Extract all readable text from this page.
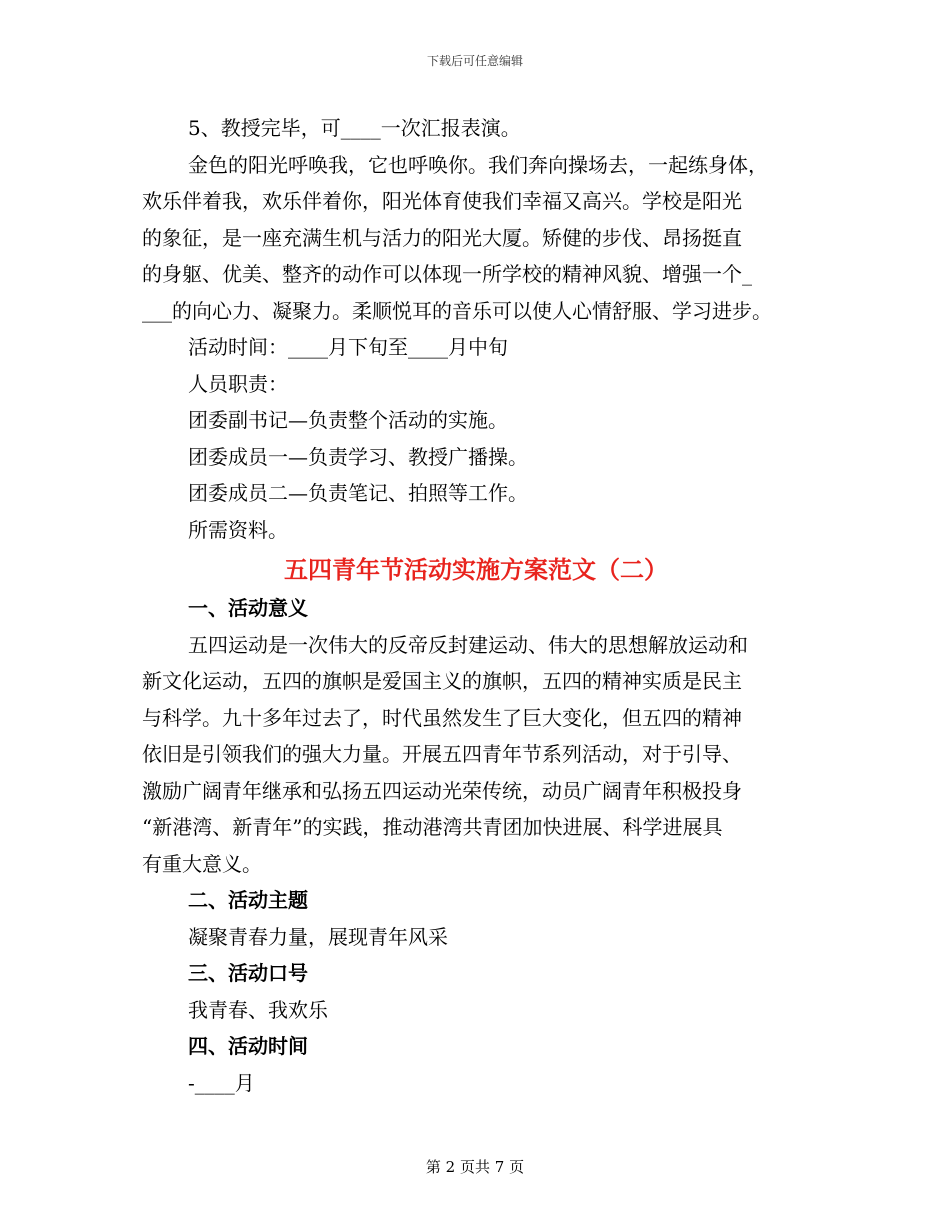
下载后可任意编辑
5、教授完毕，可____一次汇报表演。
金色的阳光呼唤我，它也呼唤你。我们奔向操场去，一起练身体，
欢乐伴着我，欢乐伴着你，阳光体育使我们幸福又高兴。学校是阳光
的象征，是一座充满生机与活力的阳光大厦。矫健的步伐、昂扬挺直
的身躯、优美、整齐的动作可以体现一所学校的精神风貌、增强一个_
___的向心力、凝聚力。柔顺悦耳的音乐可以使人心情舒服、学习进步。
活动时间：____月下旬至____月中旬
人员职责：
团委副书记—负责整个活动的实施。
团委成员一—负责学习、教授广播操。
团委成员二—负责笔记、拍照等工作。
所需资料。
五四青年节活动实施方案范文（二）
一、活动意义
五四运动是一次伟大的反帝反封建运动、伟大的思想解放运动和
新文化运动，五四的旗帜是爱国主义的旗帜，五四的精神实质是民主
与科学。九十多年过去了，时代虽然发生了巨大变化，但五四的精神
依旧是引领我们的强大力量。开展五四青年节系列活动，对于引导、
激励广阔青年继承和弘扬五四运动光荣传统，动员广阔青年积极投身
“新港湾、新青年”的实践，推动港湾共青团加快进展、科学进展具
有重大意义。
二、活动主题
凝聚青春力量，展现青年风采
三、活动口号
我青春、我欢乐
四、活动时间
-____月
第 2 页共 7 页
